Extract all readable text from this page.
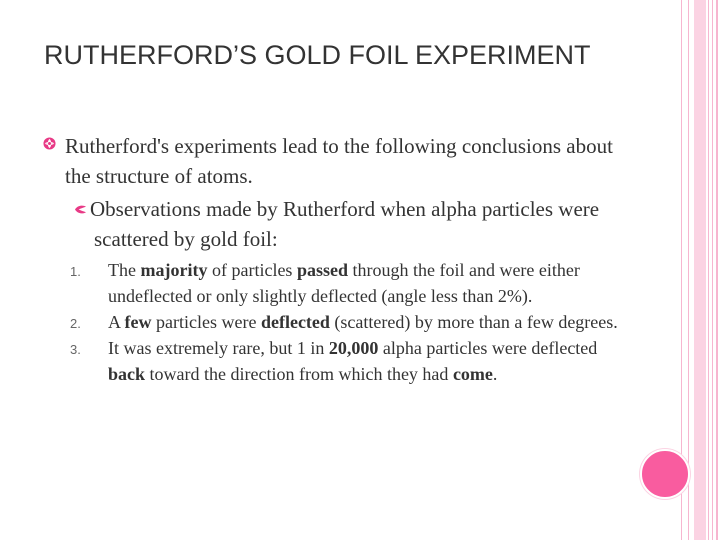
RUTHERFORD’S GOLD FOIL EXPERIMENT
Rutherford's experiments lead to the following conclusions about the structure of atoms.
Observations made by Rutherford when alpha particles were scattered by gold foil:
1. The majority of particles passed through the foil and were either undeflected or only slightly deflected (angle less than 2%).
2. A few particles were deflected (scattered) by more than a few degrees.
3. It was extremely rare, but 1 in 20,000 alpha particles were deflected back toward the direction from which they had come.
